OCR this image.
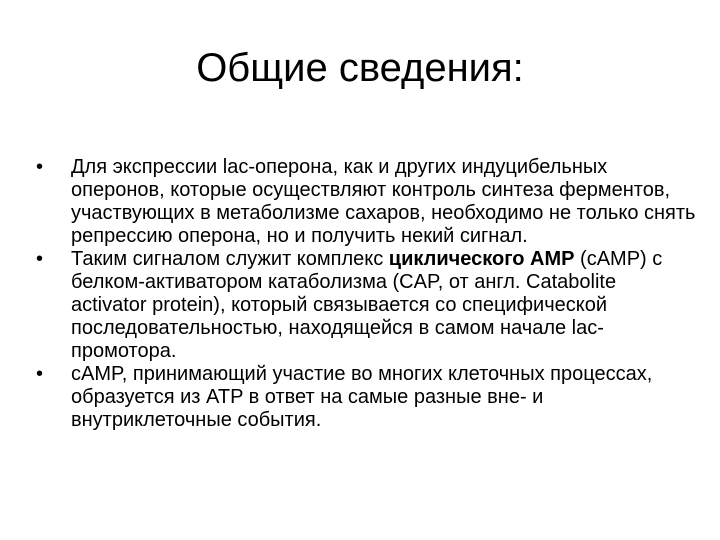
Общие сведения:
• Для экспрессии lac-оперона, как и других индуцибельных оперонов, которые осуществляют контроль синтеза ферментов, участвующих в метаболизме сахаров, необходимо не только снять репрессию оперона, но и получить некий сигнал.
• Таким сигналом служит комплекс циклического АМР (cAMP) с белком-активатором катаболизма (CAP, от англ. Catabolite activator protein), который связывается со специфической последовательностью, находящейся в самом начале lac-промотора.
• cAMP, принимающий участие во многих клеточных процессах, образуется из ATP в ответ на самые разные вне- и внутриклеточные события.
